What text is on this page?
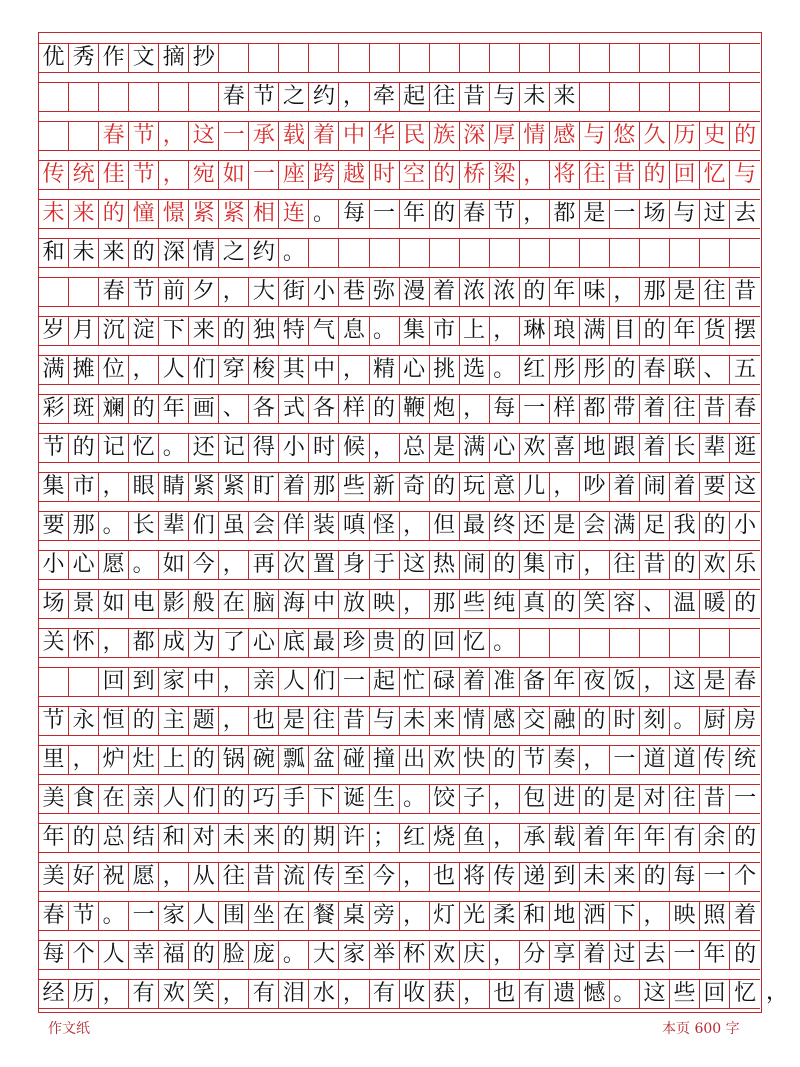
优 秀 作 文 摘 抄
春 节 之 约 ， 牵 起 往 昔 与 未 来
春 节 ， 这 一 承 载 着 中 华 民 族 深 厚 情 感 与 悠 久 历 史 的
传 统 佳 节 ， 宛 如 一 座 跨 越 时 空 的 桥 梁 ， 将 往 昔 的 回 忆 与
未 来 的 憧 憬 紧 紧 相 连 。 每 一 年 的 春 节 ， 都 是 一 场 与 过 去
和 未 来 的 深 情 之 约 。
春 节 前 夕 ， 大 街 小 巷 弥 漫 着 浓 浓 的 年 味 ， 那 是 往 昔
岁 月 沉 淀 下 来 的 独 特 气 息 。 集 市 上 ， 琳 琅 满 目 的 年 货 摆
满 摊 位 ， 人 们 穿 梭 其 中 ， 精 心 挑 选 。 红 彤 彤 的 春 联 、 五
彩 斑 斓 的 年 画 、 各 式 各 样 的 鞭 炮 ， 每 一 样 都 带 着 往 昔 春
节 的 记 忆 。 还 记 得 小 时 候 ， 总 是 满 心 欢 喜 地 跟 着 长 辈 逛
集 市 ， 眼 睛 紧 紧 盯 着 那 些 新 奇 的 玩 意 儿 ， 吵 着 闹 着 要 这
要 那 。 长 辈 们 虽 会 佯 装 嗔 怪 ， 但 最 终 还 是 会 满 足 我 的 小
小 心 愿 。 如 今 ， 再 次 置 身 于 这 热 闹 的 集 市 ， 往 昔 的 欢 乐
场 景 如 电 影 般 在 脑 海 中 放 映 ， 那 些 纯 真 的 笑 容 、 温 暖 的
关 怀 ， 都 成 为 了 心 底 最 珍 贵 的 回 忆 。
回 到 家 中 ， 亲 人 们 一 起 忙 碌 着 准 备 年 夜 饭 ， 这 是 春
节 永 恒 的 主 题 ， 也 是 往 昔 与 未 来 情 感 交 融 的 时 刻 。 厨 房
里 ， 炉 灶 上 的 锅 碗 瓢 盆 碰 撞 出 欢 快 的 节 奏 ， 一 道 道 传 统
美 食 在 亲 人 们 的 巧 手 下 诞 生 。 饺 子 ， 包 进 的 是 对 往 昔 一
年 的 总 结 和 对 未 来 的 期 许 ； 红 烧 鱼 ， 承 载 着 年 年 有 余 的
美 好 祝 愿 ， 从 往 昔 流 传 至 今 ， 也 将 传 递 到 未 来 的 每 一 个
春 节 。 一 家 人 围 坐 在 餐 桌 旁 ， 灯 光 柔 和 地 洒 下 ， 映 照 着
每 个 人 幸 福 的 脸 庞 。 大 家 举 杯 欢 庆 ， 分 享 着 过 去 一 年 的
经 历 ， 有 欢 笑 ， 有 泪 水 ， 有 收 获 ， 也 有 遗 憾 。 这 些 回 忆 ，
作文纸	本页 600 字
